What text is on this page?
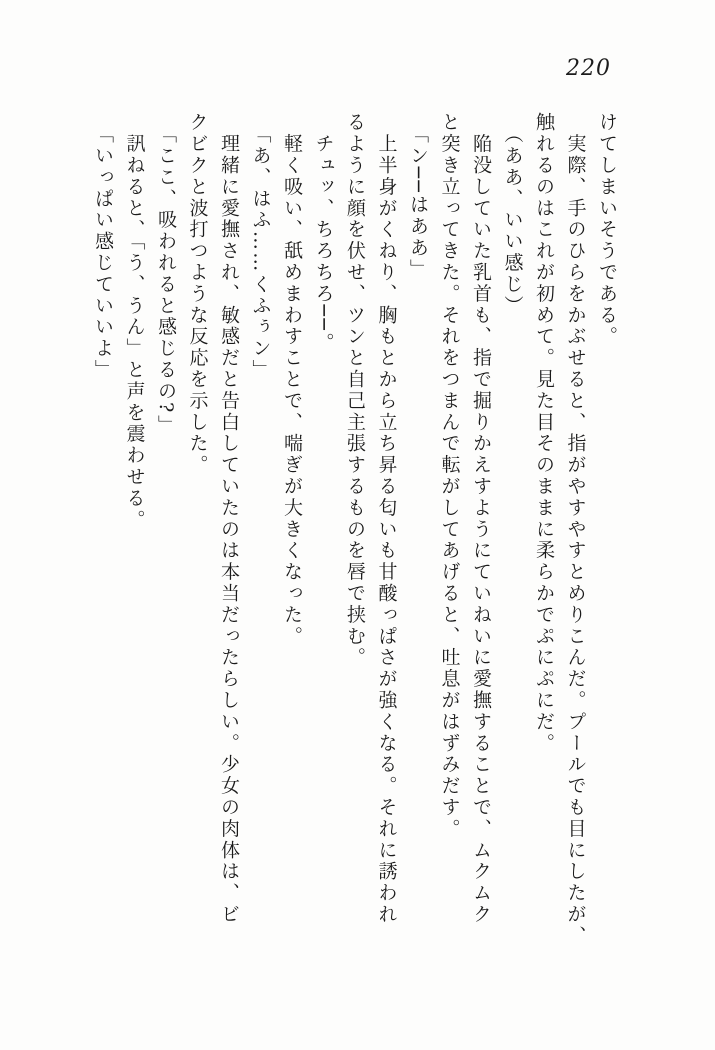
220

けてしまいそうである。

　実際、手のひらをかぶせると、指がやすやすとめりこんだ。プールでも目にしたが、

触れるのはこれが初めて。見た目そのままに柔らかでぷにぷにだ。

　（ああ、いい感じ）

　陥没していた乳首も、指で掘りかえすようにていねいに愛撫することで、ムクムク

と突き立ってきた。それをつまんで転がしてあげると、吐息がはずみだす。

　「ン──はああ」

　上半身がくねり、胸もとから立ち昇る匂いも甘酸っぱさが強くなる。それに誘われ

るように顔を伏せ、ツンと自己主張するものを唇で挟む。

　チュッ、ちろちろ──。

　軽く吸い、舐めまわすことで、喘ぎが大きくなった。

　「あ、はふ……くふぅン」

　理緒に愛撫され、敏感だと告白していたのは本当だったらしい。少女の肉体は、ビ

クビクと波打つような反応を示した。

　「ここ、吸われると感じるの?」

　訊ねると、「う、うん」と声を震わせる。

　「いっぱい感じていいよ」
